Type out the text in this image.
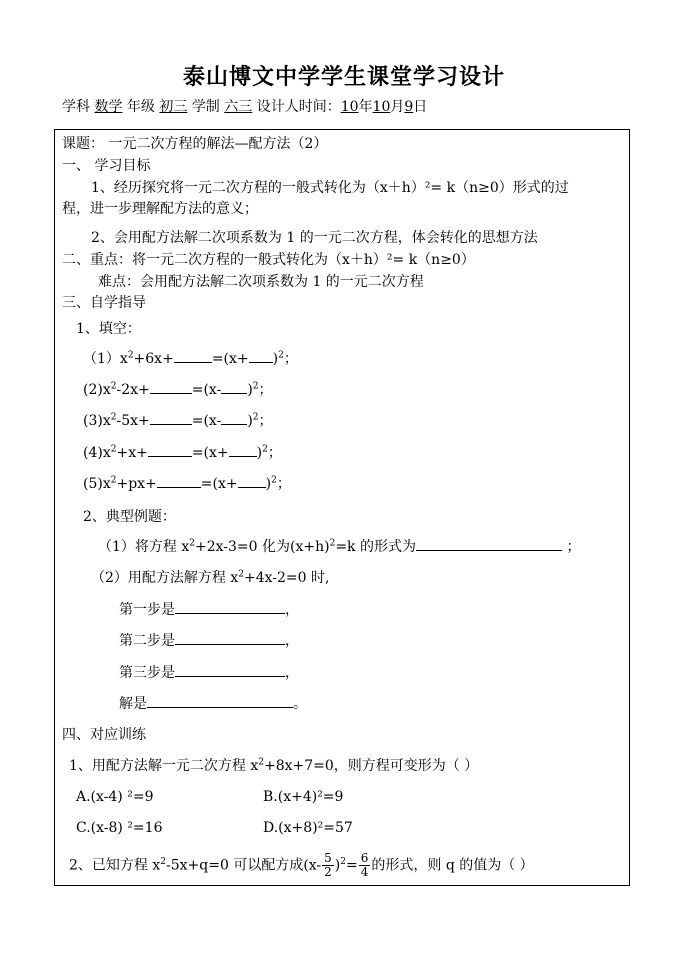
泰山博文中学学生课堂学习设计
学科 数学 年级 初三 学制 六三 设计人时间：10年10月9日
课题： 一元二次方程的解法—配方法（2）
一、 学习目标
1、经历探究将一元二次方程的一般式转化为（x＋h）²= k（n≥0）形式的过
程，进一步理解配方法的意义；
2、会用配方法解二次项系数为 1 的一元二次方程，体会转化的思想方法
二、重点：将一元二次方程的一般式转化为（x＋h）²= k（n≥0）
难点：会用配方法解二次项系数为 1 的一元二次方程
三、自学指导
1、填空：
$(1)x^2+6x+$	$=(x+ )^2$；
$(2)x^2-2x+$	=(x- )$^2$；
$(3)x^2-5x+$	=(x- )$^2$；
$(4)x^2+x+$	$=(x+ )^2$；
$(5)x^2+px+$	$=(x+ )^2$；
2、典型例题：
（1）将方程 $x^2+2x-3=0$ 化为$(x+h)^2=k$ 的形式为	；
（2）用配方法解方程 $x^2+4x-2=0$ 时,
第一步是	，
第二步是	，
第三步是	，
解是	。
四、对应训练
1、用配方法解一元二次方程 $x^2+8x+7=0$，则方程可变形为（ ）
A.(x-4) ²=9	B.(x+4)²=9
C.(x-8) ²=16	D.(x+8)²=57
2、已知方程 $x^2-5x+q=0$ 可以配方成$(x- \frac{5}{2} )^2= \frac{6}{4}$ 的形式，则 q 的值为（ ）
